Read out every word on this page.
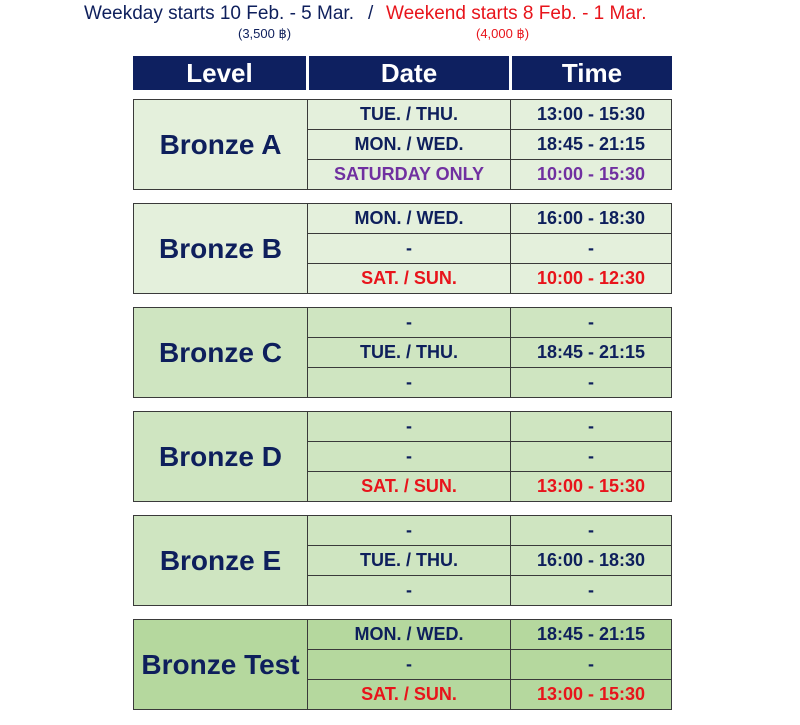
Weekday starts 10 Feb. - 5 Mar. / Weekend starts 8 Feb. - 1 Mar.
(3,500 ฿)	(4,000 ฿)
Level	Date	Time
Bronze A
TUE. / THU.	13:00 - 15:30
MON. / WED.	18:45 - 21:15
SATURDAY ONLY	10:00 - 15:30
Bronze B
MON. / WED.	16:00 - 18:30
-	-
SAT. / SUN.	10:00 - 12:30
Bronze C
-	-
TUE. / THU.	18:45 - 21:15
-	-
Bronze D
-	-
-	-
SAT. / SUN.	13:00 - 15:30
Bronze E
-	-
TUE. / THU.	16:00 - 18:30
-	-
Bronze Test
MON. / WED.	18:45 - 21:15
-	-
SAT. / SUN.	13:00 - 15:30
